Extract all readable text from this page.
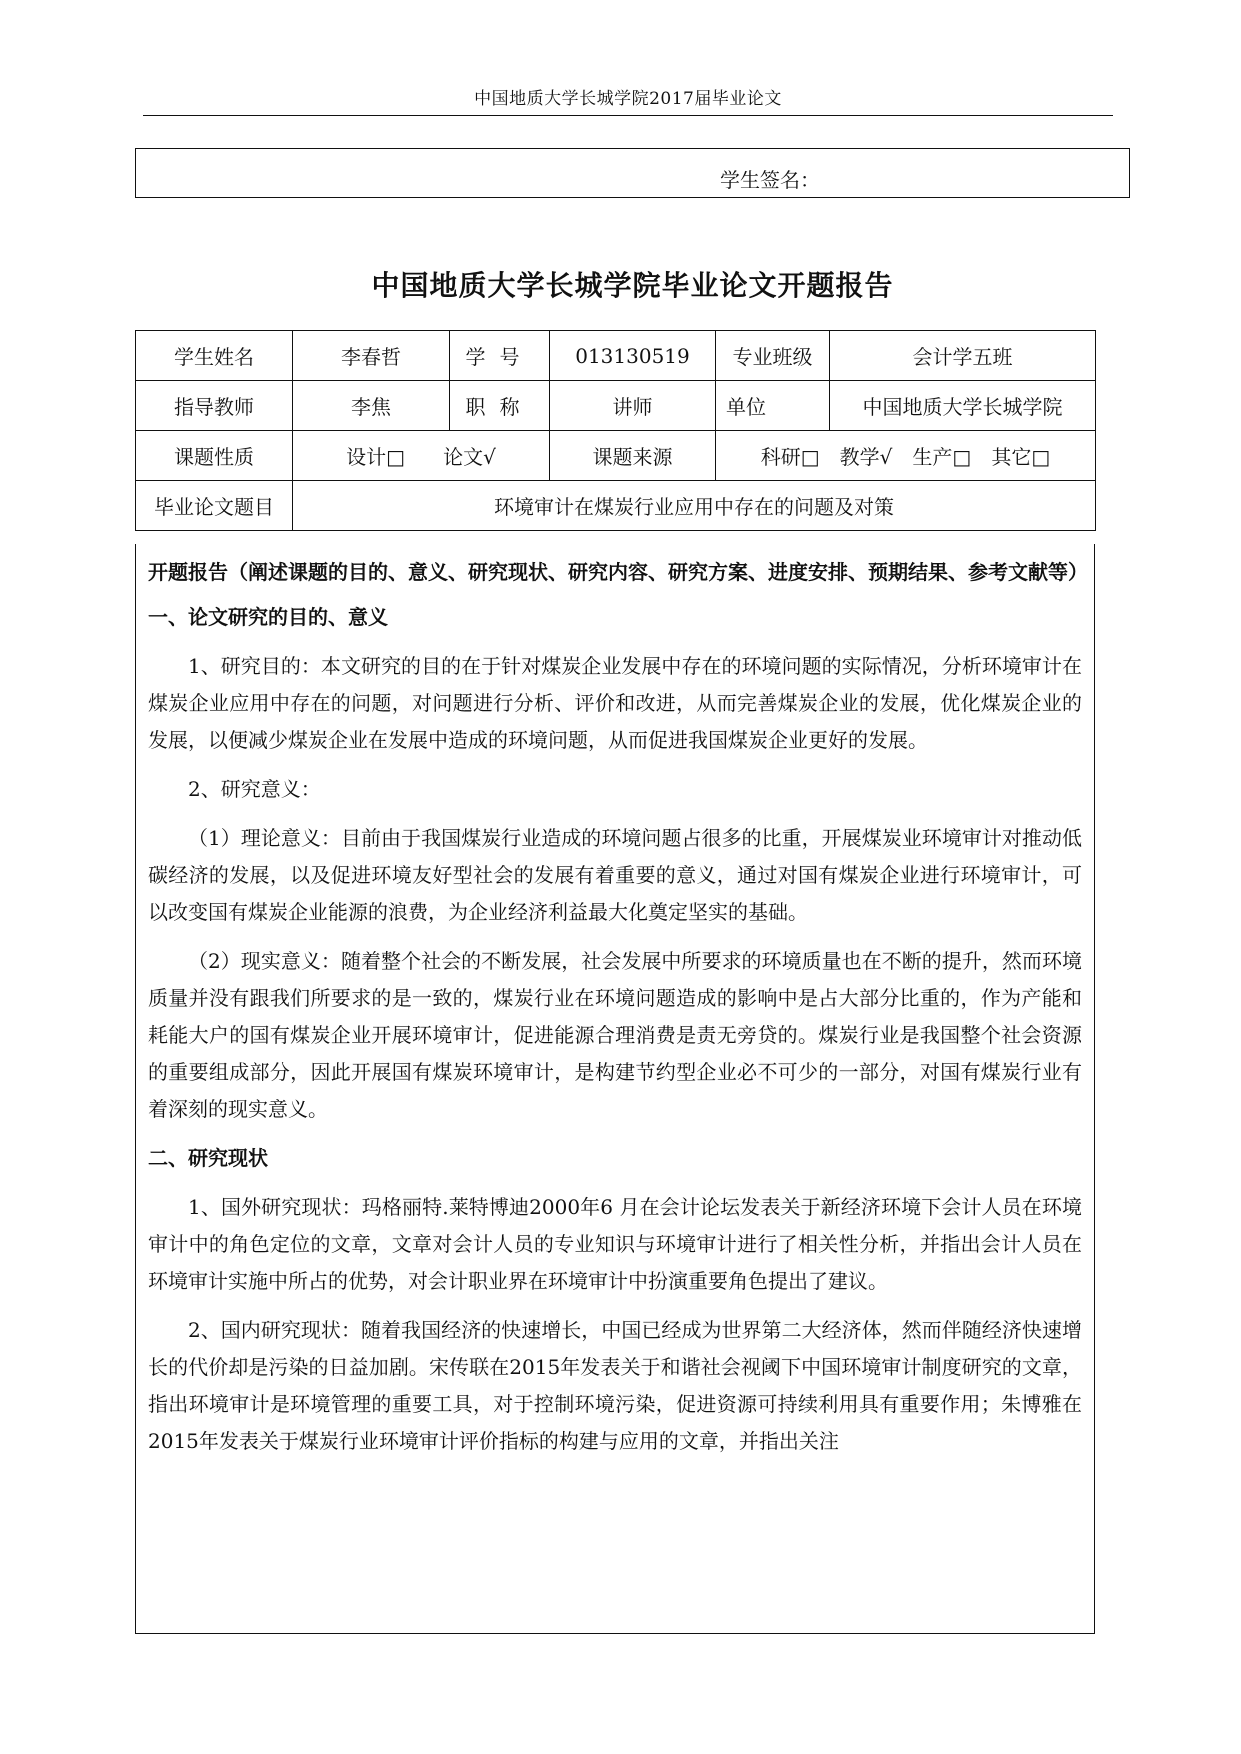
中国地质大学长城学院2017届毕业论文
学生签名：
中国地质大学长城学院毕业论文开题报告
学生姓名	李春哲	学号	013130519	专业班级	会计学五班
指导教师	李焦	职称	讲师	单位	中国地质大学长城学院
课题性质	设计□ 论文√		课题来源	科研□　教学√　生产□　其它□	
毕业论文题目	环境审计在煤炭行业应用中存在的问题及对策				

开题报告（阐述课题的目的、意义、研究现状、研究内容、研究方案、进度安排、预期结果、参考文献等）

一、论文研究的目的、意义

1、研究目的：本文研究的目的在于针对煤炭企业发展中存在的环境问题的实际情况，分析环境审计在煤炭企业应用中存在的问题，对问题进行分析、评价和改进，从而完善煤炭企业的发展，优化煤炭企业的发展，以便减少煤炭企业在发展中造成的环境问题，从而促进我国煤炭企业更好的发展。

2、研究意义：

（1）理论意义：目前由于我国煤炭行业造成的环境问题占很多的比重，开展煤炭业环境审计对推动低碳经济的发展，以及促进环境友好型社会的发展有着重要的意义，通过对国有煤炭企业进行环境审计，可以改变国有煤炭企业能源的浪费，为企业经济利益最大化奠定坚实的基础。

（2）现实意义：随着整个社会的不断发展，社会发展中所要求的环境质量也在不断的提升，然而环境质量并没有跟我们所要求的是一致的，煤炭行业在环境问题造成的影响中是占大部分比重的，作为产能和耗能大户的国有煤炭企业开展环境审计，促进能源合理消费是责无旁贷的。煤炭行业是我国整个社会资源的重要组成部分，因此开展国有煤炭环境审计，是构建节约型企业必不可少的一部分，对国有煤炭行业有着深刻的现实意义。

二、研究现状

1、国外研究现状：玛格丽特.莱特博迪2000年6 月在会计论坛发表关于新经济环境下会计人员在环境审计中的角色定位的文章，文章对会计人员的专业知识与环境审计进行了相关性分析，并指出会计人员在环境审计实施中所占的优势，对会计职业界在环境审计中扮演重要角色提出了建议。

2、国内研究现状：随着我国经济的快速增长，中国已经成为世界第二大经济体，然而伴随经济快速增长的代价却是污染的日益加剧。宋传联在2015年发表关于和谐社会视阈下中国环境审计制度研究的文章，指出环境审计是环境管理的重要工具，对于控制环境污染，促进资源可持续利用具有重要作用；朱博雅在2015年发表关于煤炭行业环境审计评价指标的构建与应用的文章，并指出关注
